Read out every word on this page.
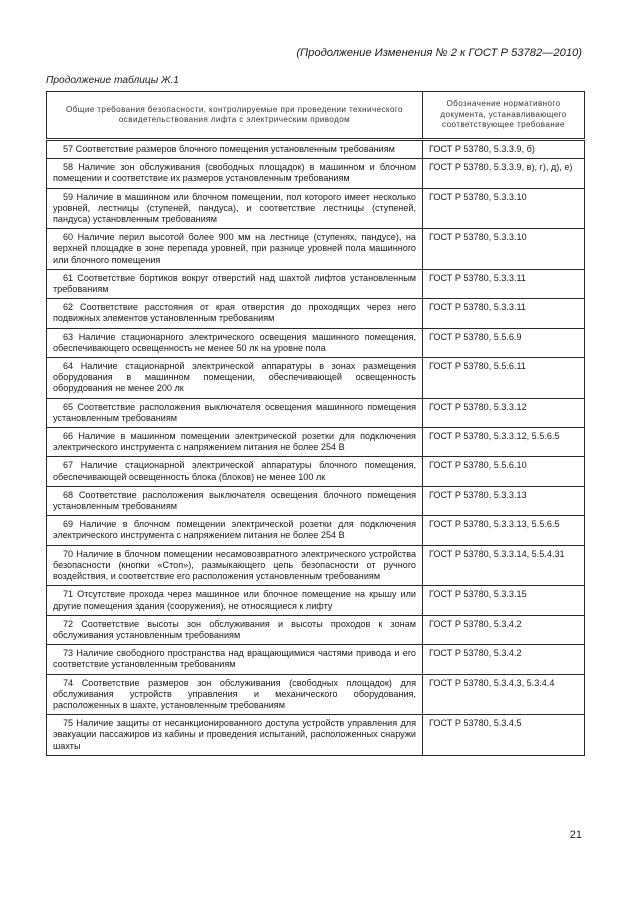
(Продолжение Изменения № 2 к ГОСТ Р 53782—2010)
Продолжение таблицы Ж.1
Общие требования безопасности, контролируемые при проведении технического освидетельствования лифта с электрическим приводом	Обозначение нормативного документа, устанавливающего соответствующее требование
57 Соответствие размеров блочного помещения установленным требованиям	ГОСТ Р 53780, 5.3.3.9, б)
58 Наличие зон обслуживания (свободных площадок) в машинном и блочном помещении и соответствие их размеров установленным требованиям	ГОСТ Р 53780, 5.3.3.9, в), г), д), е)
59 Наличие в машинном или блочном помещении, пол которого имеет несколько уровней, лестницы (ступеней, пандуса), и соответствие лестницы (ступеней, пандуса) установленным требованиям	ГОСТ Р 53780, 5.3.3.10
60 Наличие перил высотой более 900 мм на лестнице (ступенях, пандусе), на верхней площадке в зоне перепада уровней, при разнице уровней пола машинного или блочного помещения	ГОСТ Р 53780, 5.3.3.10
61 Соответствие бортиков вокруг отверстий над шахтой лифтов установленным требованиям	ГОСТ Р 53780, 5.3.3.11
62 Соответствие расстояния от края отверстия до проходящих через него подвижных элементов установленным требованиям	ГОСТ Р 53780, 5.3.3.11
63 Наличие стационарного электрического освещения машинного помещения, обеспечивающего освещенность не менее 50 лк на уровне пола	ГОСТ Р 53780, 5.5.6.9
64 Наличие стационарной электрической аппаратуры в зонах размещения оборудования в машинном помещении, обеспечивающей освещенность оборудования не менее 200 лк	ГОСТ Р 53780, 5.5.6.11
65 Соответствие расположения выключателя освещения машинного помещения установленным требованиям	ГОСТ Р 53780, 5.3.3.12
66 Наличие в машинном помещении электрической розетки для подключения электрического инструмента с напряжением питания не более 254 В	ГОСТ Р 53780, 5.3.3.12, 5.5.6.5
67 Наличие стационарной электрической аппаратуры блочного помещения, обеспечивающей освещенность блока (блоков) не менее 100 лк	ГОСТ Р 53780, 5.5.6.10
68 Соответствие расположения выключателя освещения блочного помещения установленным требованиям	ГОСТ Р 53780, 5.3.3.13
69 Наличие в блочном помещении электрической розетки для подключения электрического инструмента с напряжением питания не более 254 В	ГОСТ Р 53780, 5.3.3.13, 5.5.6.5
70 Наличие в блочном помещении несамовозвратного электрического устройства безопасности (кнопки «Стоп»), размыкающего цепь безопасности от ручного воздействия, и соответствие его расположения установленным требованиям	ГОСТ Р 53780, 5.3.3.14, 5.5.4.31
71 Отсутствие прохода через машинное или блочное помещение на крышу или другие помещения здания (сооружения), не относящиеся к лифту	ГОСТ Р 53780, 5.3.3.15
72 Соответствие высоты зон обслуживания и высоты проходов к зонам обслуживания установленным требованиям	ГОСТ Р 53780, 5.3.4.2
73 Наличие свободного пространства над вращающимися частями привода и его соответствие установленным требованиям	ГОСТ Р 53780, 5.3.4.2
74 Соответствие размеров зон обслуживания (свободных площадок) для обслуживания устройств управления и механического оборудования, расположенных в шахте, установленным требованиям	ГОСТ Р 53780, 5.3.4.3, 5.3.4.4
75 Наличие защиты от несанкционированного доступа устройств управления для эвакуации пассажиров из кабины и проведения испытаний, расположенных снаружи шахты	ГОСТ Р 53780, 5.3.4.5
21
